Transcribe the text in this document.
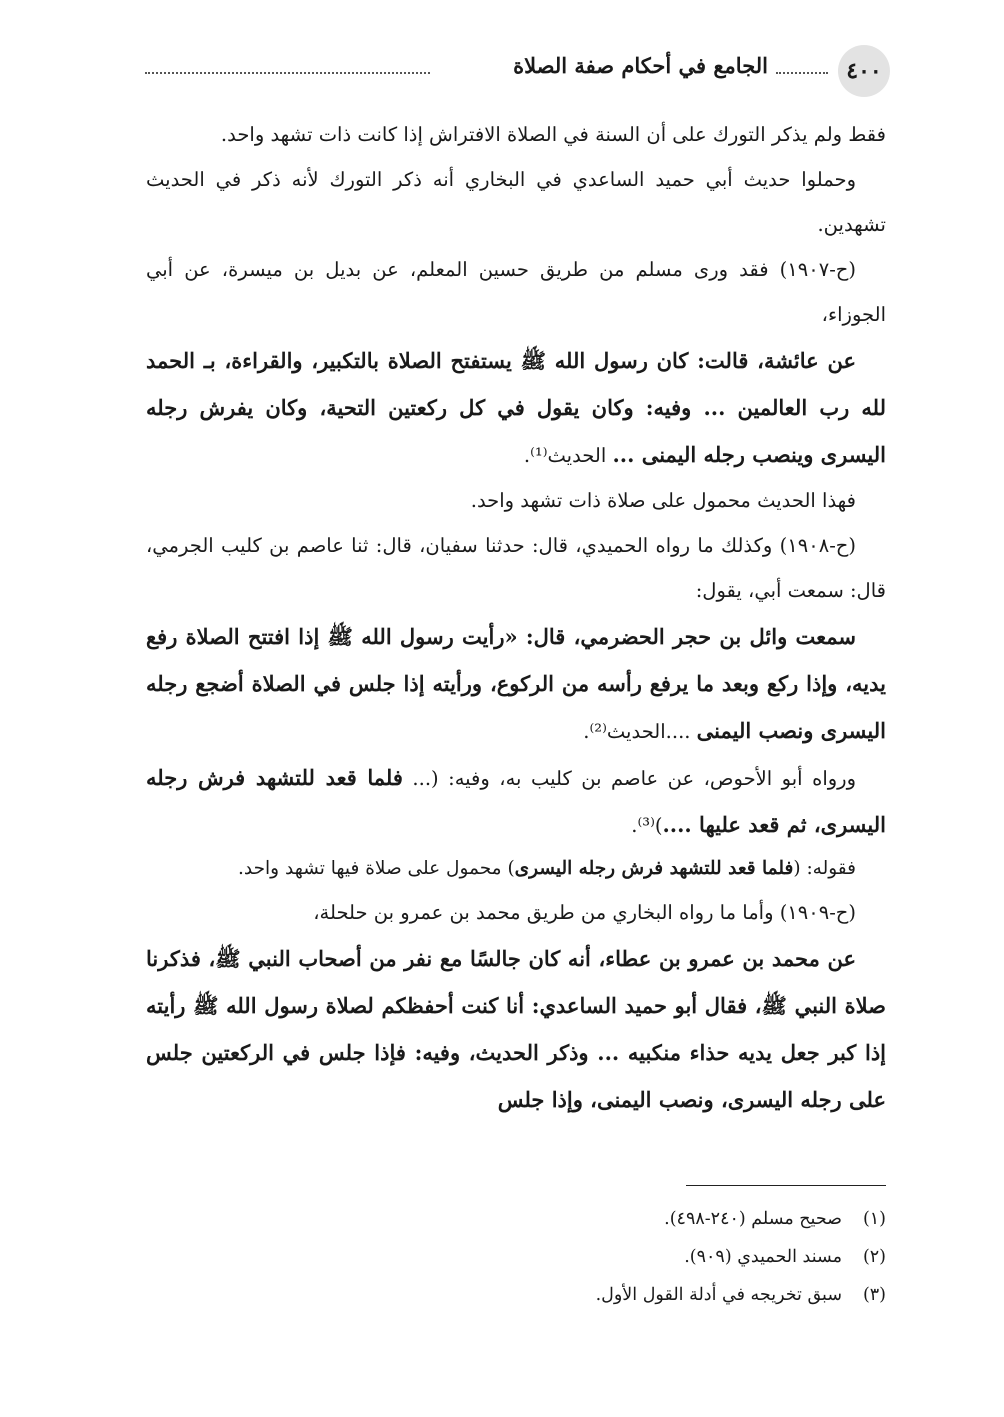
٤٠٠
الجامع في أحكام صفة الصلاة

فقط ولم يذكر التورك على أن السنة في الصلاة الافتراش إذا كانت ذات تشهد واحد.

وحملوا حديث أبي حميد الساعدي في البخاري أنه ذكر التورك لأنه ذكر في الحديث تشهدين.

(ح-١٩٠٧) فقد ورى مسلم من طريق حسين المعلم، عن بديل بن ميسرة، عن أبي الجوزاء،

عن عائشة، قالت: كان رسول الله ﷺ يستفتح الصلاة بالتكبير، والقراءة، بـ الحمد لله رب العالمين ... وفيه: وكان يقول في كل ركعتين التحية، وكان يفرش رجله اليسرى وينصب رجله اليمنى ... الحديث⁽¹⁾.

فهذا الحديث محمول على صلاة ذات تشهد واحد.

(ح-١٩٠٨) وكذلك ما رواه الحميدي، قال: حدثنا سفيان، قال: ثنا عاصم بن كليب الجرمي، قال: سمعت أبي، يقول:

سمعت وائل بن حجر الحضرمي، قال: «رأيت رسول الله ﷺ إذا افتتح الصلاة رفع يديه، وإذا ركع وبعد ما يرفع رأسه من الركوع، ورأيته إذا جلس في الصلاة أضجع رجله اليسرى ونصب اليمنى ....الحديث⁽²⁾.

ورواه أبو الأحوص، عن عاصم بن كليب به، وفيه: (... فلما قعد للتشهد فرش رجله اليسرى، ثم قعد عليها ....)⁽³⁾.

فقوله: (فلما قعد للتشهد فرش رجله اليسرى) محمول على صلاة فيها تشهد واحد.

(ح-١٩٠٩) وأما ما رواه البخاري من طريق محمد بن عمرو بن حلحلة،

عن محمد بن عمرو بن عطاء، أنه كان جالسًا مع نفر من أصحاب النبي ﷺ، فذكرنا صلاة النبي ﷺ، فقال أبو حميد الساعدي: أنا كنت أحفظكم لصلاة رسول الله ﷺ رأيته إذا كبر جعل يديه حذاء منكبيه ... وذكر الحديث، وفيه: فإذا جلس في الركعتين جلس على رجله اليسرى، ونصب اليمنى، وإذا جلس

(١)صحيح مسلم (٢٤٠-٤٩٨).
(٢)مسند الحميدي (٩٠٩).
(٣)سبق تخريجه في أدلة القول الأول.
